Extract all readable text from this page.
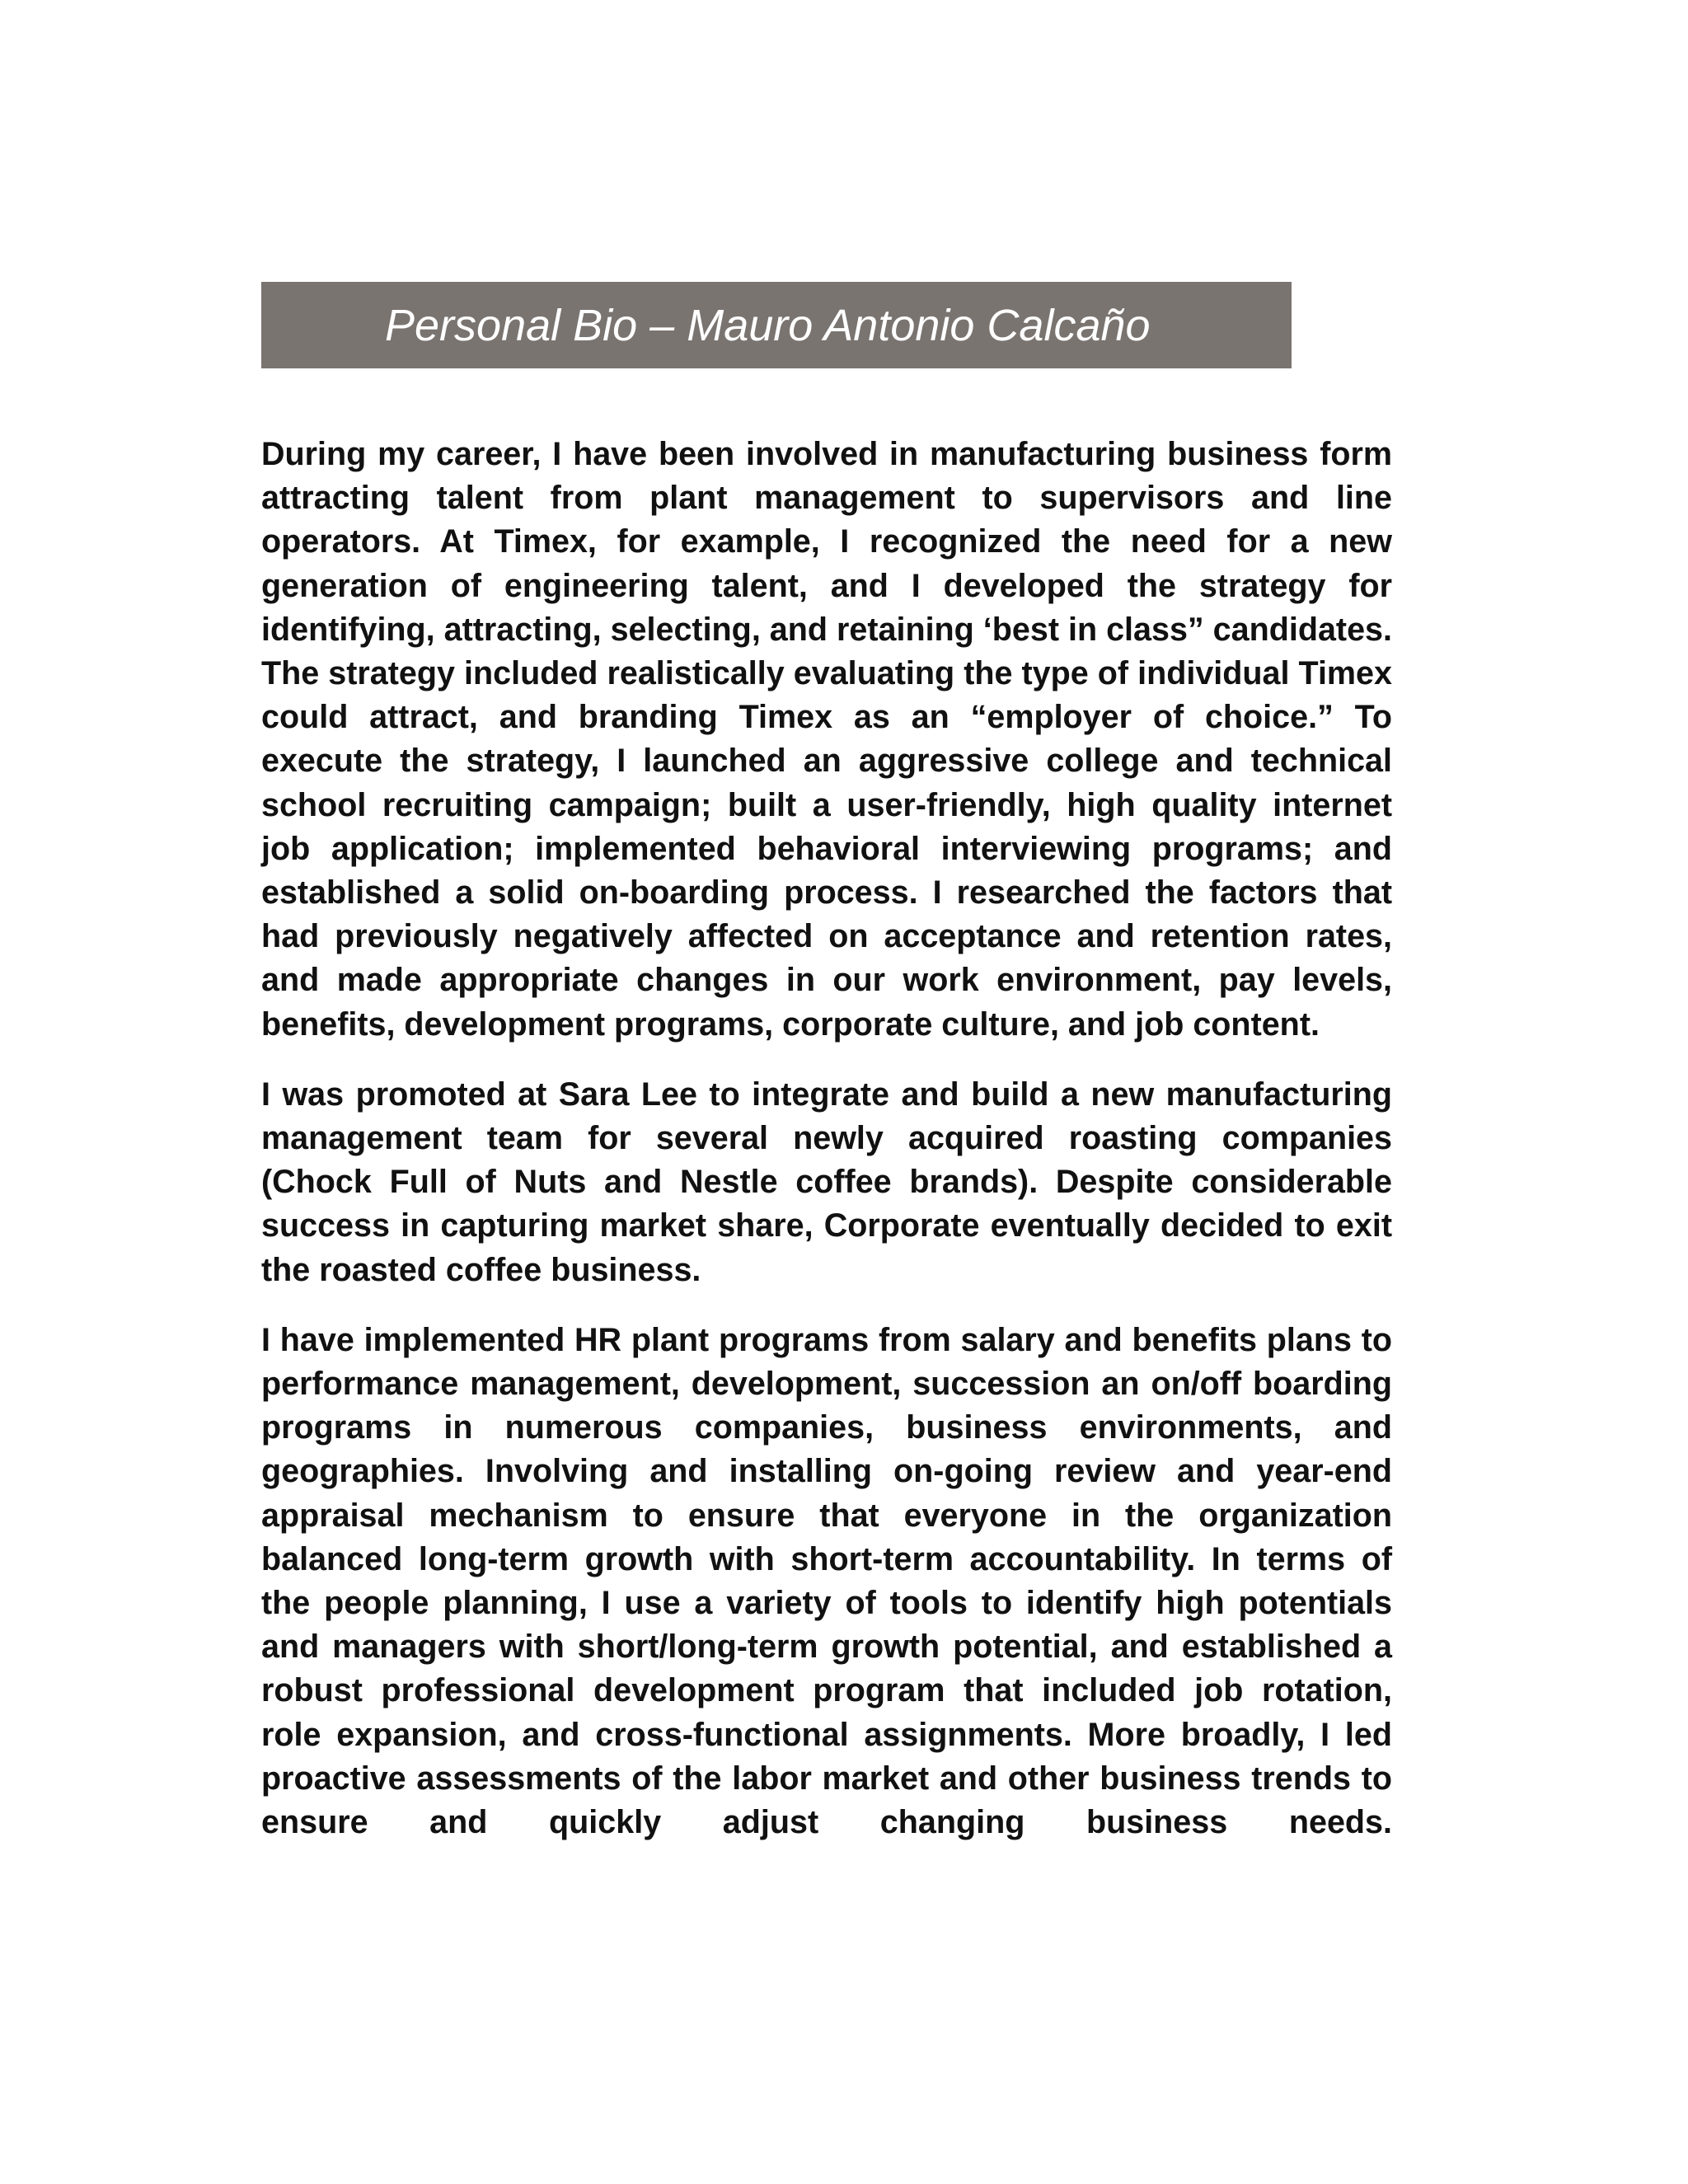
Personal Bio – Mauro Antonio Calcaño

During my career, I have been involved in manufacturing business form attracting talent from plant management to supervisors and line operators. At Timex, for example, I recognized the need for a new generation of engineering talent, and I developed the strategy for identifying, attracting, selecting, and retaining ‘best in class” candidates. The strategy included realistically evaluating the type of individual Timex could attract, and branding Timex as an “employer of choice.” To execute the strategy, I launched an aggressive college and technical school recruiting campaign; built a user-friendly, high quality internet job application; implemented behavioral interviewing programs; and established a solid on-boarding process. I researched the factors that had previously negatively affected on acceptance and retention rates, and made appropriate changes in our work environment, pay levels, benefits, development programs, corporate culture, and job content.

I was promoted at Sara Lee to integrate and build a new manufacturing management team for several newly acquired roasting companies (Chock Full of Nuts and Nestle coffee brands). Despite considerable success in capturing market share, Corporate eventually decided to exit the roasted coffee business.

I have implemented HR plant programs from salary and benefits plans to performance management, development, succession an on/off boarding programs in numerous companies, business environments, and geographies. Involving and installing on-going review and year-end appraisal mechanism to ensure that everyone in the organization balanced long-term growth with short-term accountability. In terms of the people planning, I use a variety of tools to identify high potentials and managers with short/long-term growth potential, and established a robust professional development program that included job rotation, role expansion, and cross-functional assignments. More broadly, I led proactive assessments of the labor market and other business trends to ensure and quickly adjust changing business needs.
